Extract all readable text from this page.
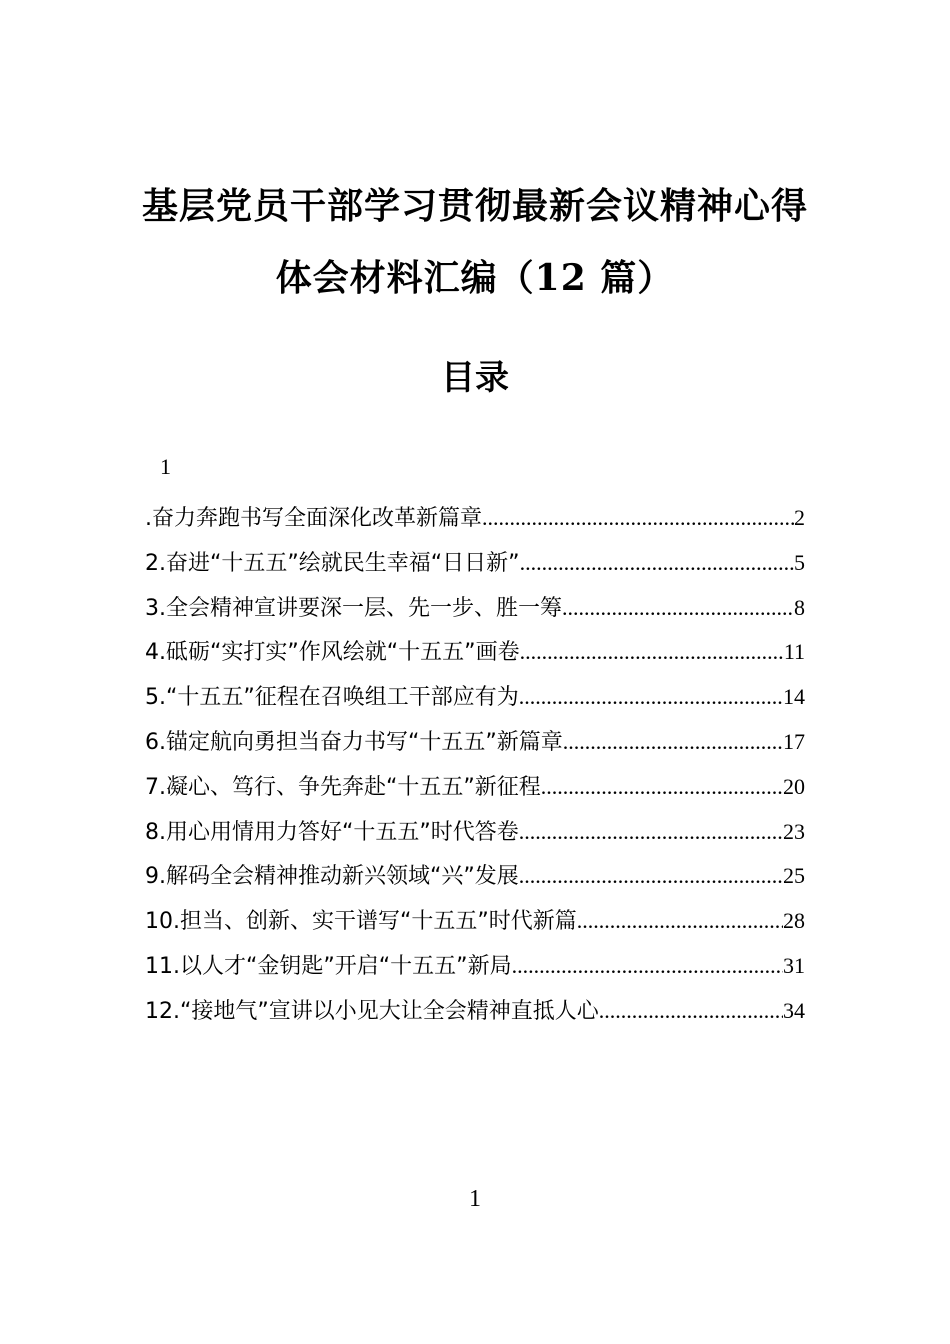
基层党员干部学习贯彻最新会议精神心得
体会材料汇编（12 篇）
目录
1
.奋力奔跑书写全面深化改革新篇章 .....	2
2.奋进“十五五”绘就民生幸福“日日新” .....	5
3.全会精神宣讲要深一层、先一步、胜一筹 .....	8
4.砥砺“实打实”作风绘就“十五五”画卷 .....	11
5.“十五五”征程在召唤组工干部应有为 .....	14
6.锚定航向勇担当奋力书写“十五五”新篇章 .....	17
7.凝心、笃行、争先奔赴“十五五”新征程 .....	20
8.用心用情用力答好“十五五”时代答卷 .....	23
9.解码全会精神推动新兴领域“兴”发展 .....	25
10.担当、创新、实干谱写“十五五”时代新篇 .....	28
11.以人才“金钥匙”开启“十五五”新局 .....	31
12.“接地气”宣讲以小见大让全会精神直抵人心 .....	34
1
